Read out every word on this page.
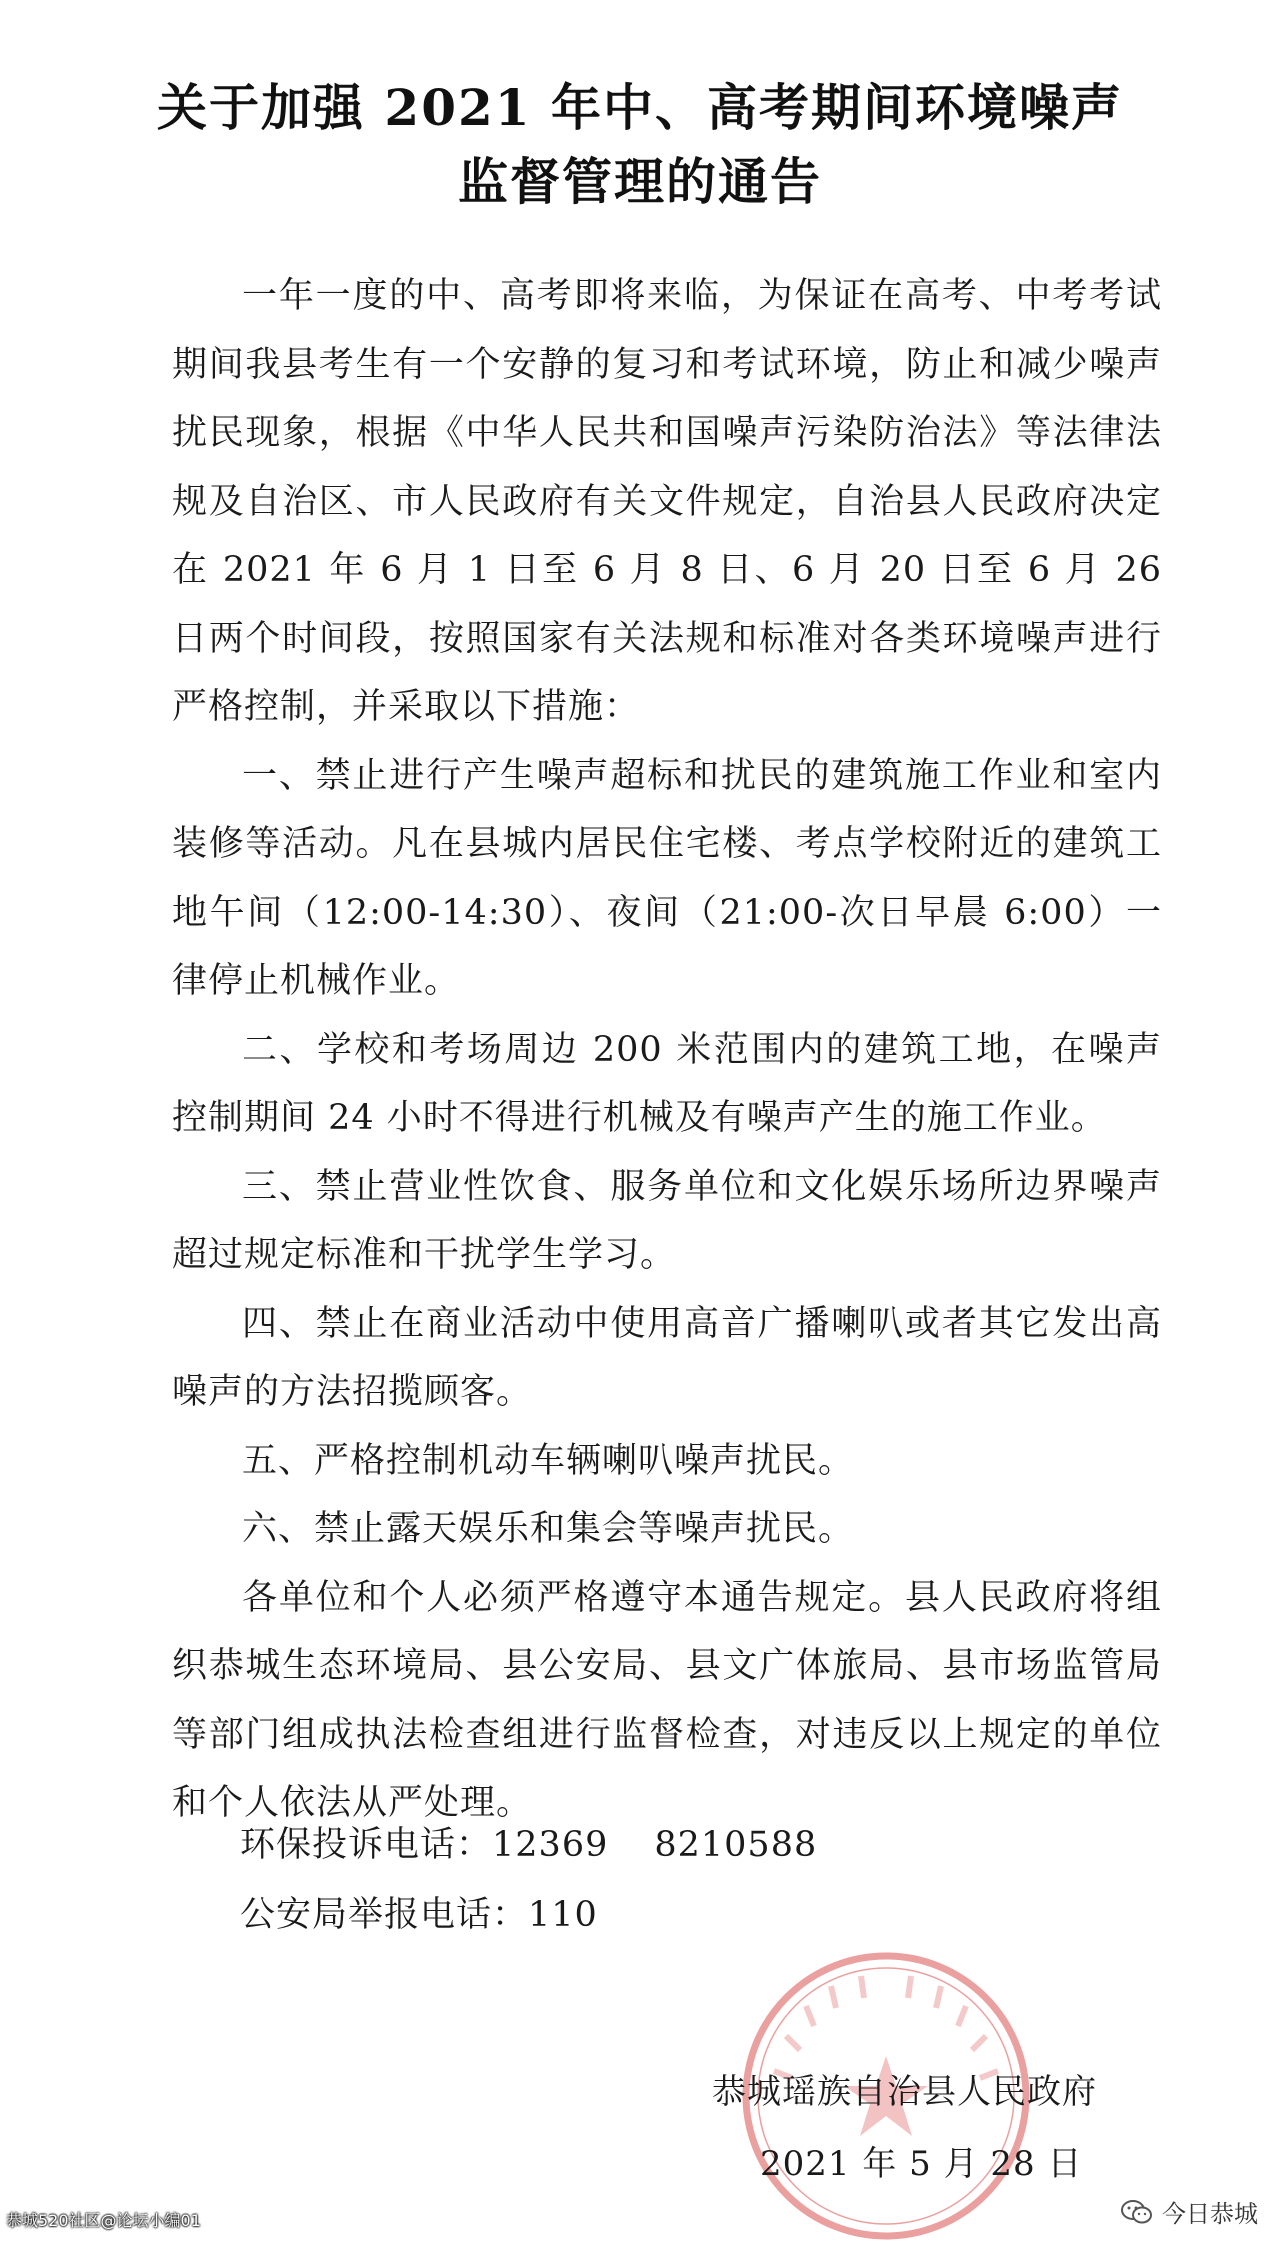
关于加强 2021 年中、高考期间环境噪声
监督管理的通告

一年一度的中、高考即将来临，为保证在高考、中考考试期间我县考生有一个安静的复习和考试环境，防止和减少噪声扰民现象，根据《中华人民共和国噪声污染防治法》等法律法规及自治区、市人民政府有关文件规定，自治县人民政府决定在 2021 年 6 月 1 日至 6 月 8 日、6 月 20 日至 6 月 26 日两个时间段，按照国家有关法规和标准对各类环境噪声进行严格控制，并采取以下措施：

一、禁止进行产生噪声超标和扰民的建筑施工作业和室内装修等活动。凡在县城内居民住宅楼、考点学校附近的建筑工地午间（12:00-14:30）、夜间（21:00-次日早晨 6:00）一律停止机械作业。

二、学校和考场周边 200 米范围内的建筑工地，在噪声控制期间 24 小时不得进行机械及有噪声产生的施工作业。

三、禁止营业性饮食、服务单位和文化娱乐场所边界噪声超过规定标准和干扰学生学习。

四、禁止在商业活动中使用高音广播喇叭或者其它发出高噪声的方法招揽顾客。

五、严格控制机动车辆喇叭噪声扰民。

六、禁止露天娱乐和集会等噪声扰民。

各单位和个人必须严格遵守本通告规定。县人民政府将组织恭城生态环境局、县公安局、县文广体旅局、县市场监管局等部门组成执法检查组进行监督检查，对违反以上规定的单位和个人依法从严处理。

环保投诉电话：12369 8210588
公安局举报电话：110
恭城瑶族自治县人民政府
2021 年 5 月 28 日
今日恭城
恭城520社区@论坛小编01
